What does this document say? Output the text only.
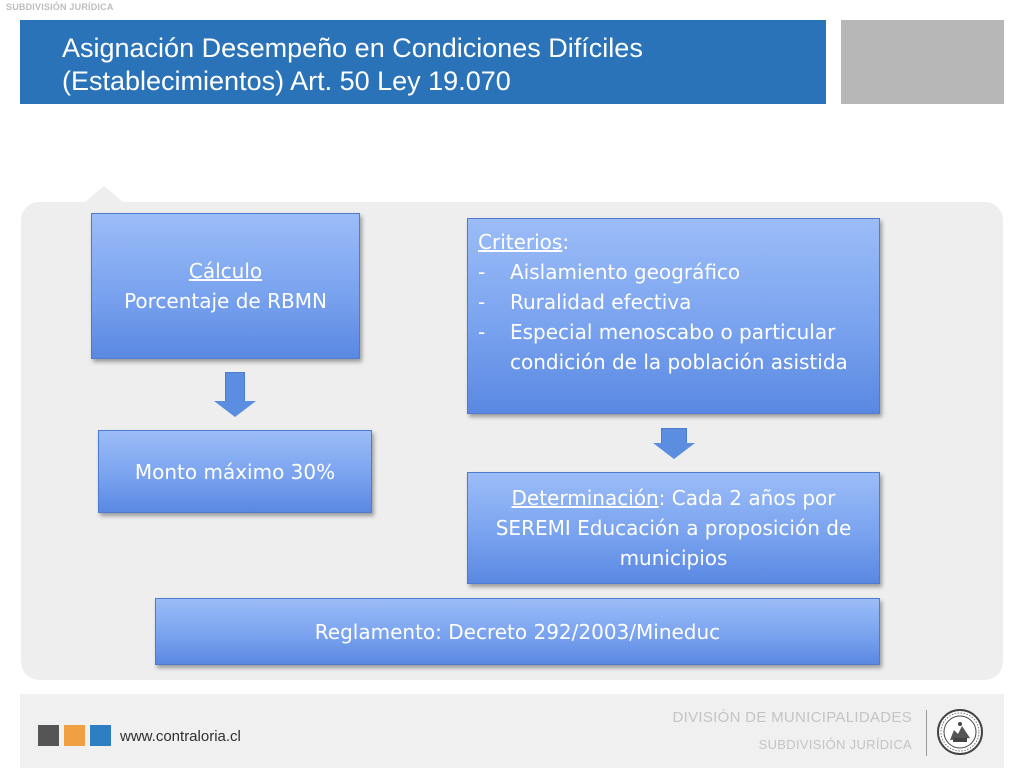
SUBDIVISIÓN JURÍDICA
Asignación Desempeño en Condiciones Difíciles
(Establecimientos) Art. 50 Ley 19.070
Cálculo
Porcentaje de RBMN
Monto máximo 30%
Criterios:
-	Aislamiento geográfico
-	Ruralidad efectiva
-	Especial menoscabo o particular condición de la población asistida
Determinación: Cada 2 años por SEREMI Educación a proposición de municipios
Reglamento: Decreto 292/2003/Mineduc
www.contraloria.cl
DIVISIÓN DE MUNICIPALIDADES
SUBDIVISIÓN JURÍDICA
